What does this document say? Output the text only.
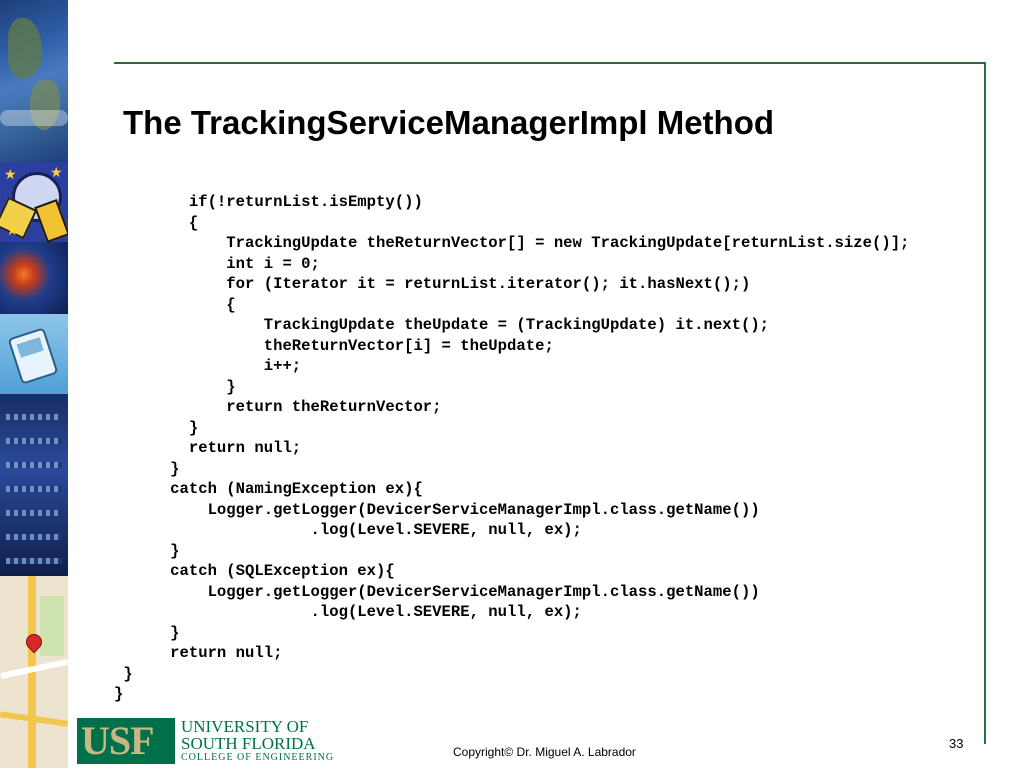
★ ★
★
The TrackingServiceManagerImpl Method
if(!returnList.isEmpty())
{
TrackingUpdate theReturnVector[] = new TrackingUpdate[returnList.size()];
int i = 0;
for (Iterator it = returnList.iterator(); it.hasNext();)
{
TrackingUpdate theUpdate = (TrackingUpdate) it.next();
theReturnVector[i] = theUpdate;
i++;
}
return theReturnVector;
}
return null;
}
catch (NamingException ex){
Logger.getLogger(DevicerServiceManagerImpl.class.getName())
.log(Level.SEVERE, null, ex);
}
catch (SQLException ex){
Logger.getLogger(DevicerServiceManagerImpl.class.getName())
.log(Level.SEVERE, null, ex);
}
return null;
}
}
USF UNIVERSITY OF
SOUTH FLORIDA
COLLEGE OF ENGINEERING	Copyright© Dr. Miguel A. Labrador
33
